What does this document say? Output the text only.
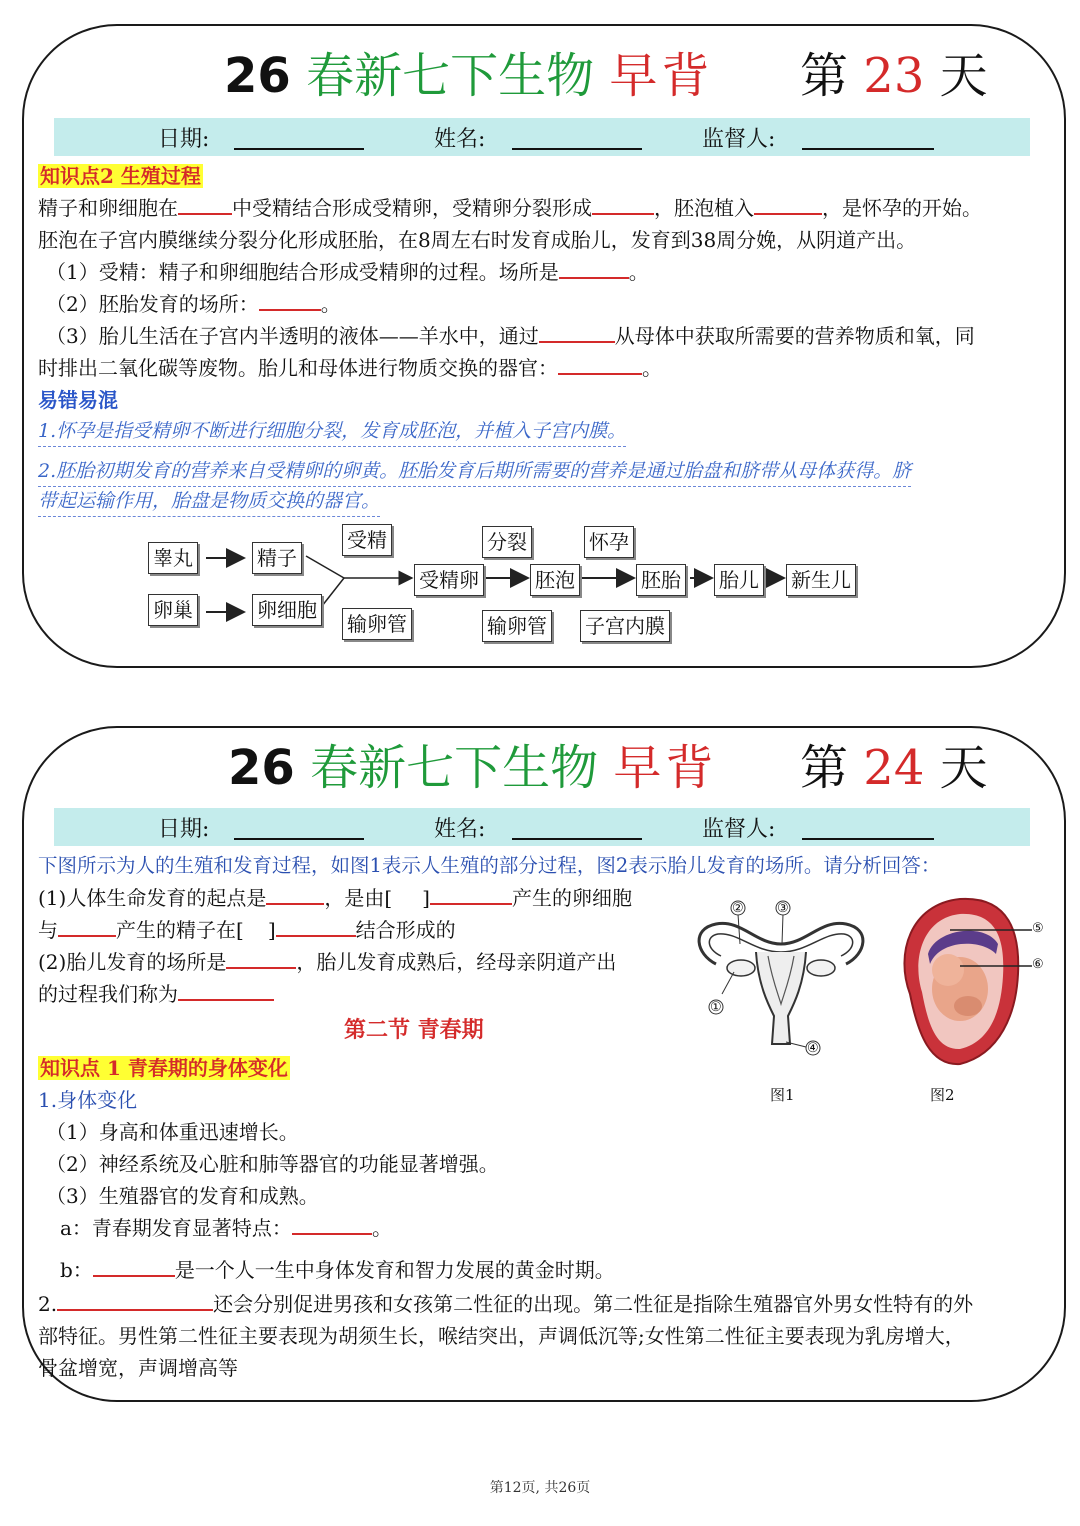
26 春新七下生物 早背 第 23 天
日期:	姓名:	监督人:
知识点2 生殖过程
精子和卵细胞在	中受精结合形成受精卵，受精卵分裂形成	，胚泡植入	，是怀孕的开始。
胚泡在子宫内膜继续分裂分化形成胚胎，在8周左右时发育成胎儿，发育到38周分娩，从阴道产出。
（1）受精：精子和卵细胞结合形成受精卵的过程。场所是	。
（2）胚胎发育的场所：	。
（3）胎儿生活在子宫内半透明的液体——羊水中，通过	从母体中获取所需要的营养物质和氧，同
时排出二氧化碳等废物。胎儿和母体进行物质交换的器官：	。
易错易混
1.怀孕是指受精卵不断进行细胞分裂，发育成胚泡，并植入子宫内膜。
2.胚胎初期发育的营养来自受精卵的卵黄。胚胎发育后期所需要的营养是通过胎盘和脐带从母体获得。脐
带起运输作用，胎盘是物质交换的器官。
睾丸	精子
卵巢	卵细胞
受精
输卵管
受精卵
分裂
输卵管
胚泡
怀孕
子宫内膜
胚胎 胎儿 新生儿
26 春新七下生物 早背 第 24 天
日期:	姓名:	监督人:
下图所示为人的生殖和发育过程，如图1表示人生殖的部分过程，图2表示胎儿发育的场所。请分析回答：
(1)人体生命发育的起点是	，是由[ ]	产生的卵细胞
与	产生的精子在[ ]	结合形成的
(2)胎儿发育的场所是	，胎儿发育成熟后，经母亲阴道产出
的过程我们称为
第二节 青春期
知识点 1 青春期的身体变化
1.身体变化
（1）身高和体重迅速增长。
（2）神经系统及心脏和肺等器官的功能显著增强。
（3）生殖器官的发育和成熟。
a：青春期发育显著特点：	。
b：	是一个人一生中身体发育和智力发展的黄金时期。
2.	还会分别促进男孩和女孩第二性征的出现。第二性征是指除生殖器官外男女性特有的外
部特征。男性第二性征主要表现为胡须生长，喉结突出，声调低沉等;女性第二性征主要表现为乳房增大，
骨盆增宽，声调增高等
①
②	③
④
图1
⑤
⑥
图2
第12页, 共26页
